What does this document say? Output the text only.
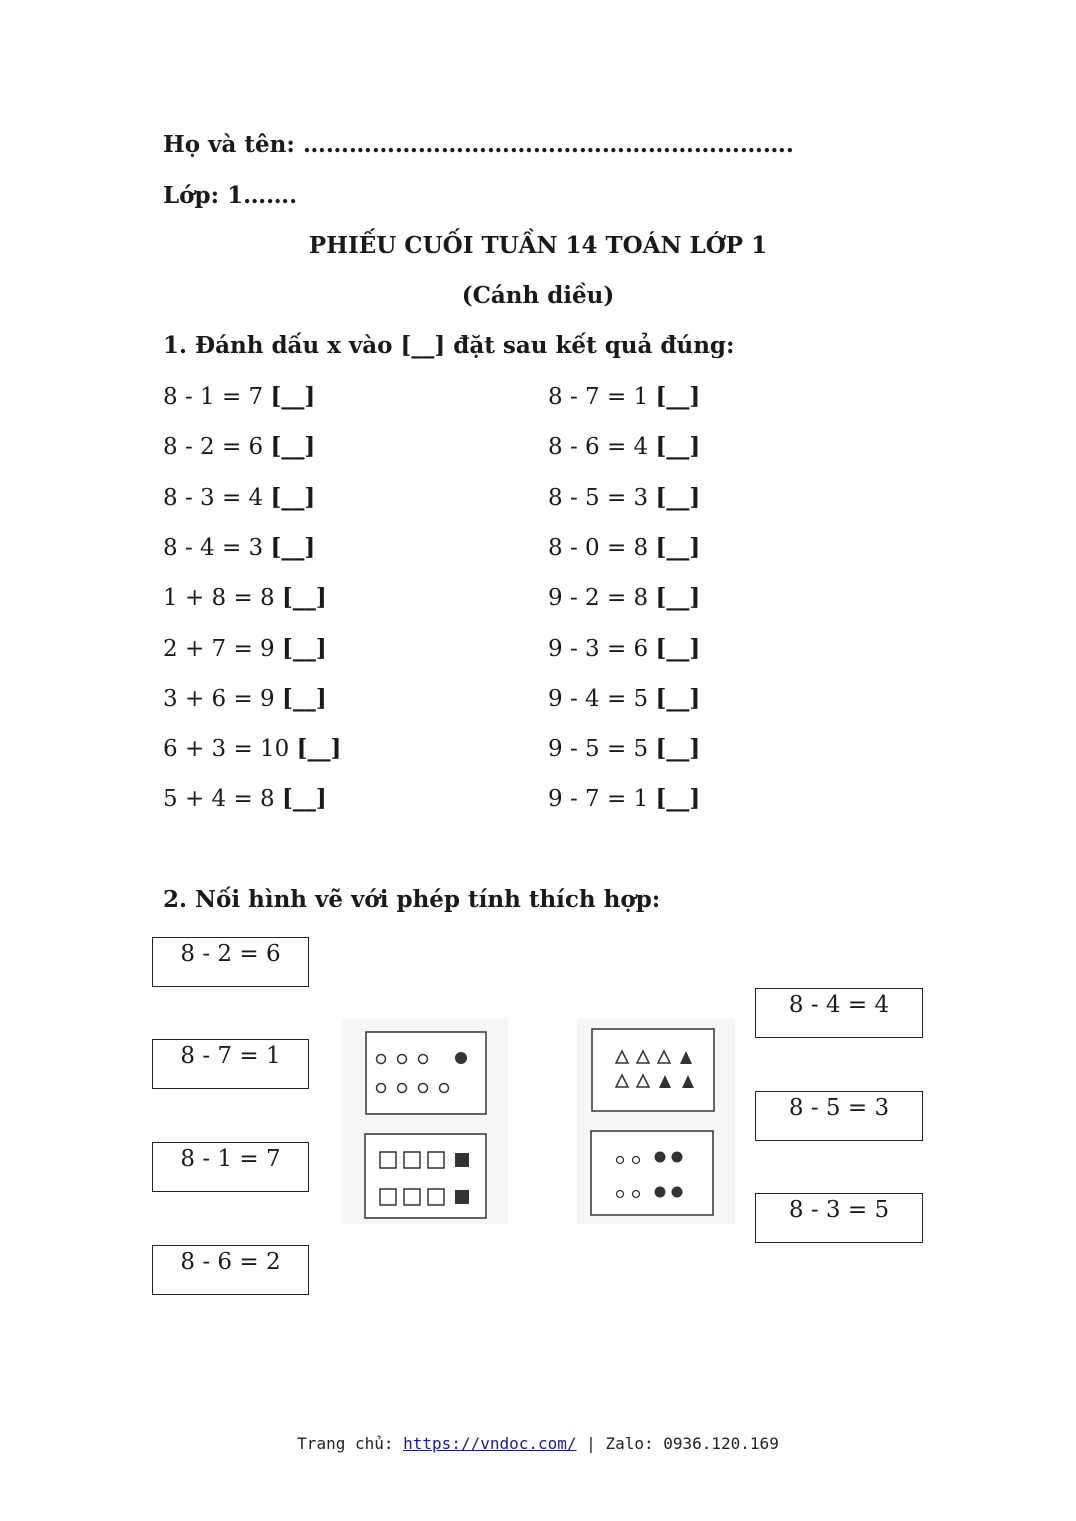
Họ và tên: ……………………………………………………….
Lớp: 1…….
PHIẾU CUỐI TUẦN 14 TOÁN LỚP 1
(Cánh diều)
1. Đánh dấu x vào [__] đặt sau kết quả đúng:
8 - 1 = 7 [__]
8 - 2 = 6 [__]
8 - 3 = 4 [__]
8 - 4 = 3 [__]
1 + 8 = 8 [__]
2 + 7 = 9 [__]
3 + 6 = 9 [__]
6 + 3 = 10 [__]
5 + 4 = 8 [__]
8 - 7 = 1 [__]
8 - 6 = 4 [__]
8 - 5 = 3 [__]
8 - 0 = 8 [__]
9 - 2 = 8 [__]
9 - 3 = 6 [__]
9 - 4 = 5 [__]
9 - 5 = 5 [__]
9 - 7 = 1 [__]
2. Nối hình vẽ với phép tính thích hợp:
8 - 2 = 6
8 - 7 = 1
8 - 1 = 7
8 - 6 = 2
8 - 4 = 4
8 - 5 = 3
8 - 3 = 5
Trang chủ: https://vndoc.com/ | Zalo: 0936.120.169
